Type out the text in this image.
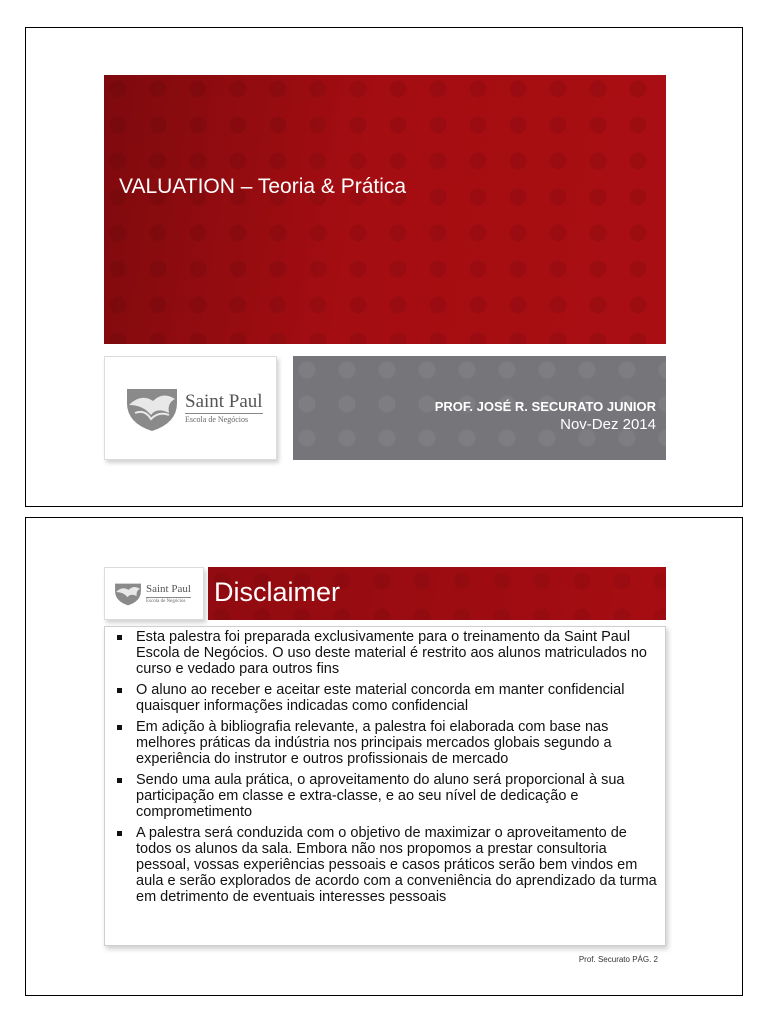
VALUATION – Teoria & Prática
Saint Paul
Escola de Negócios
PROF. JOSÉ R. SECURATO JUNIOR
Nov-Dez 2014
Saint Paul
Escola de Negócios Disclaimer
Esta palestra foi preparada exclusivamente para o treinamento da Saint Paul Escola de Negócios. O uso deste material é restrito aos alunos matriculados no curso e vedado para outros fins
O aluno ao receber e aceitar este material concorda em manter confidencial quaisquer informações indicadas como confidencial
Em adição à bibliografia relevante, a palestra foi elaborada com base nas melhores práticas da indústria nos principais mercados globais segundo a experiência do instrutor e outros profissionais de mercado
Sendo uma aula prática, o aproveitamento do aluno será proporcional à sua participação em classe e extra-classe, e ao seu nível de dedicação e comprometimento
A palestra será conduzida com o objetivo de maximizar o aproveitamento de todos os alunos da sala. Embora não nos propomos a prestar consultoria pessoal, vossas experiências pessoais e casos práticos serão bem vindos em aula e serão explorados de acordo com a conveniência do aprendizado da turma em detrimento de eventuais interesses pessoais
Prof. Securato PÁG. 2
